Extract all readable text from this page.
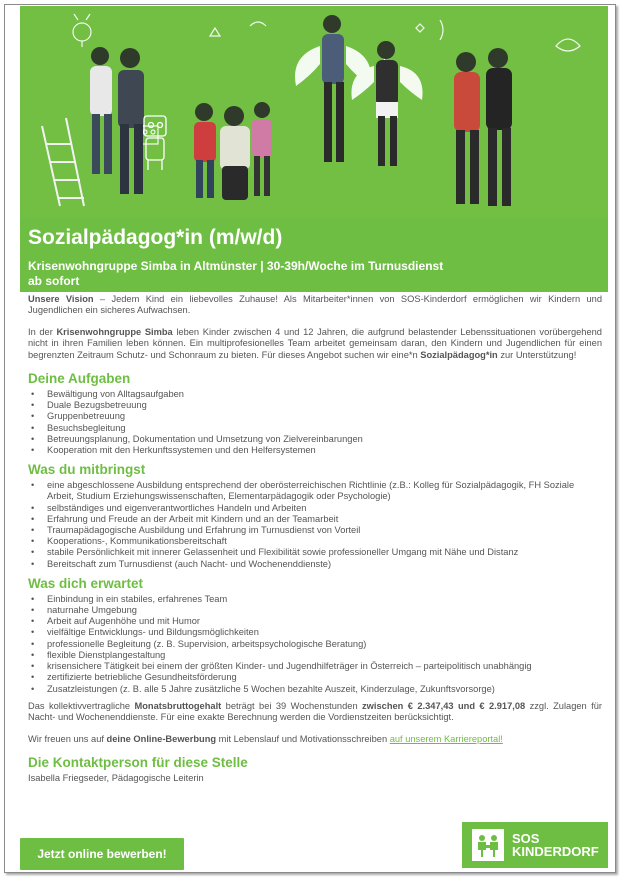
Sozialpädagog*in (m/w/d)
Krisenwohngruppe Simba in Altmünster | 30-39h/Woche im Turnusdienst
ab sofort

Unsere Vision – Jedem Kind ein liebevolles Zuhause! Als Mitarbeiter*innen von SOS-Kinderdorf ermöglichen wir Kindern und Jugendlichen ein sicheres Aufwachsen.

In der Krisenwohngruppe Simba leben Kinder zwischen 4 und 12 Jahren, die aufgrund belastender Lebenssituationen vorübergehend nicht in ihren Familien leben können. Ein multiprofesionelles Team arbeitet gemeinsam daran, den Kindern und Jugendlichen für einen begrenzten Zeitraum Schutz- und Schonraum zu bieten. Für dieses Angebot suchen wir eine*n Sozialpädagog*in zur Unterstützung!

Deine Aufgaben
• Bewältigung von Alltagsaufgaben
• Duale Bezugsbetreuung
• Gruppenbetreuung
• Besuchsbegleitung
• Betreuungsplanung, Dokumentation und Umsetzung von Zielvereinbarungen
• Kooperation mit den Herkunftssystemen und den Helfersystemen
Was du mitbringst
• eine abgeschlossene Ausbildung entsprechend der oberösterreichischen Richtlinie (z.B.: Kolleg für Sozialpädagogik, FH Soziale Arbeit, Studium Erziehungswissenschaften, Elementarpädagogik oder Psychologie)
• selbständiges und eigenverantwortliches Handeln und Arbeiten
• Erfahrung und Freude an der Arbeit mit Kindern und an der Teamarbeit
• Traumapädagogische Ausbildung und Erfahrung im Turnusdienst von Vorteil
• Kooperations-, Kommunikationsbereitschaft
• stabile Persönlichkeit mit innerer Gelassenheit und Flexibilität sowie professioneller Umgang mit Nähe und Distanz
• Bereitschaft zum Turnusdienst (auch Nacht- und Wochenenddienste)
Was dich erwartet
• Einbindung in ein stabiles, erfahrenes Team
• naturnahe Umgebung
• Arbeit auf Augenhöhe und mit Humor
• vielfältige Entwicklungs- und Bildungsmöglichkeiten
• professionelle Begleitung (z. B. Supervision, arbeitspsychologische Beratung)
• flexible Dienstplangestaltung
• krisensichere Tätigkeit bei einem der größten Kinder- und Jugendhilfeträger in Österreich – parteipolitisch unabhängig
• zertifizierte betriebliche Gesundheitsförderung
• Zusatzleistungen (z. B. alle 5 Jahre zusätzliche 5 Wochen bezahlte Auszeit, Kinderzulage, Zukunftsvorsorge)

Das kollektivvertragliche Monatsbruttogehalt beträgt bei 39 Wochenstunden zwischen € 2.347,43 und € 2.917,08 zzgl. Zulagen für Nacht- und Wochenenddienste. Für eine exakte Berechnung werden die Vordienstzeiten berücksichtigt.

Wir freuen uns auf deine Online-Bewerbung mit Lebenslauf und Motivationsschreiben auf unserem Karriereportal!

Die Kontaktperson für diese Stelle
Isabella Friegseder, Pädagogische Leiterin
Jetzt online bewerben!
SOS
KINDERDORF
